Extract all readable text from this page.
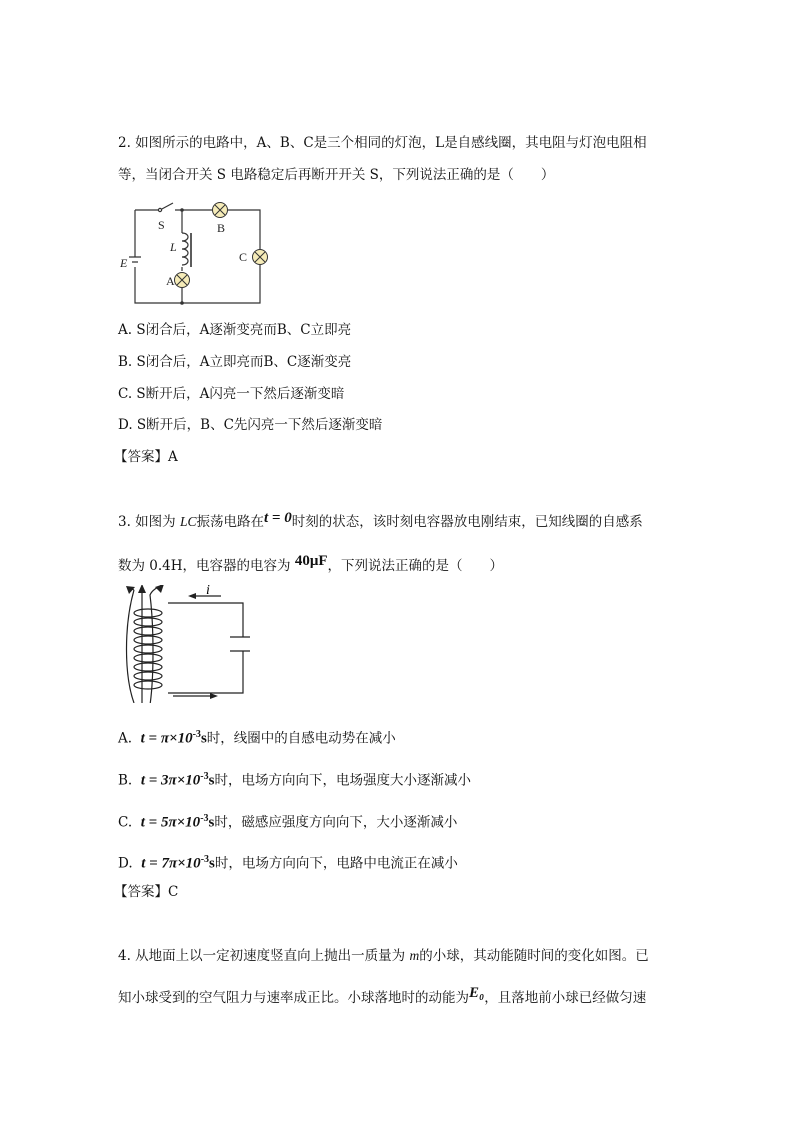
2. 如图所示的电路中，A、B、C是三个相同的灯泡，L是自感线圈，其电阻与灯泡电阻相
等，当闭合开关 S 电路稳定后再断开开关 S，下列说法正确的是（　　）
S	B
L
E	C
A
A. S闭合后，A逐渐变亮而B、C立即亮
B. S闭合后，A立即亮而B、C逐渐变亮
C. S断开后，A闪亮一下然后逐渐变暗
D. S断开后，B、C先闪亮一下然后逐渐变暗
【答案】A
3. 如图为 LC振荡电路在t = 0时刻的状态，该时刻电容器放电刚结束，已知线圈的自感系
数为 0.4H，电容器的电容为 40μF，下列说法正确的是（　　）
i
A. $t = \pi\times 10^{-3}s$时，线圈中的自感电动势在减小
B. $t = 3\pi\times 10^{-3}s$时，电场方向向下，电场强度大小逐渐减小
C. $t = 5\pi\times 10^{-3}s$时，磁感应强度方向向下，大小逐渐减小
D. $t = 7\pi\times 10^{-3}s$时，电场方向向下，电路中电流正在减小
【答案】C
4. 从地面上以一定初速度竖直向上抛出一质量为 m的小球，其动能随时间的变化如图。已
知小球受到的空气阻力与速率成正比。小球落地时的动能为E₀，且落地前小球已经做匀速
